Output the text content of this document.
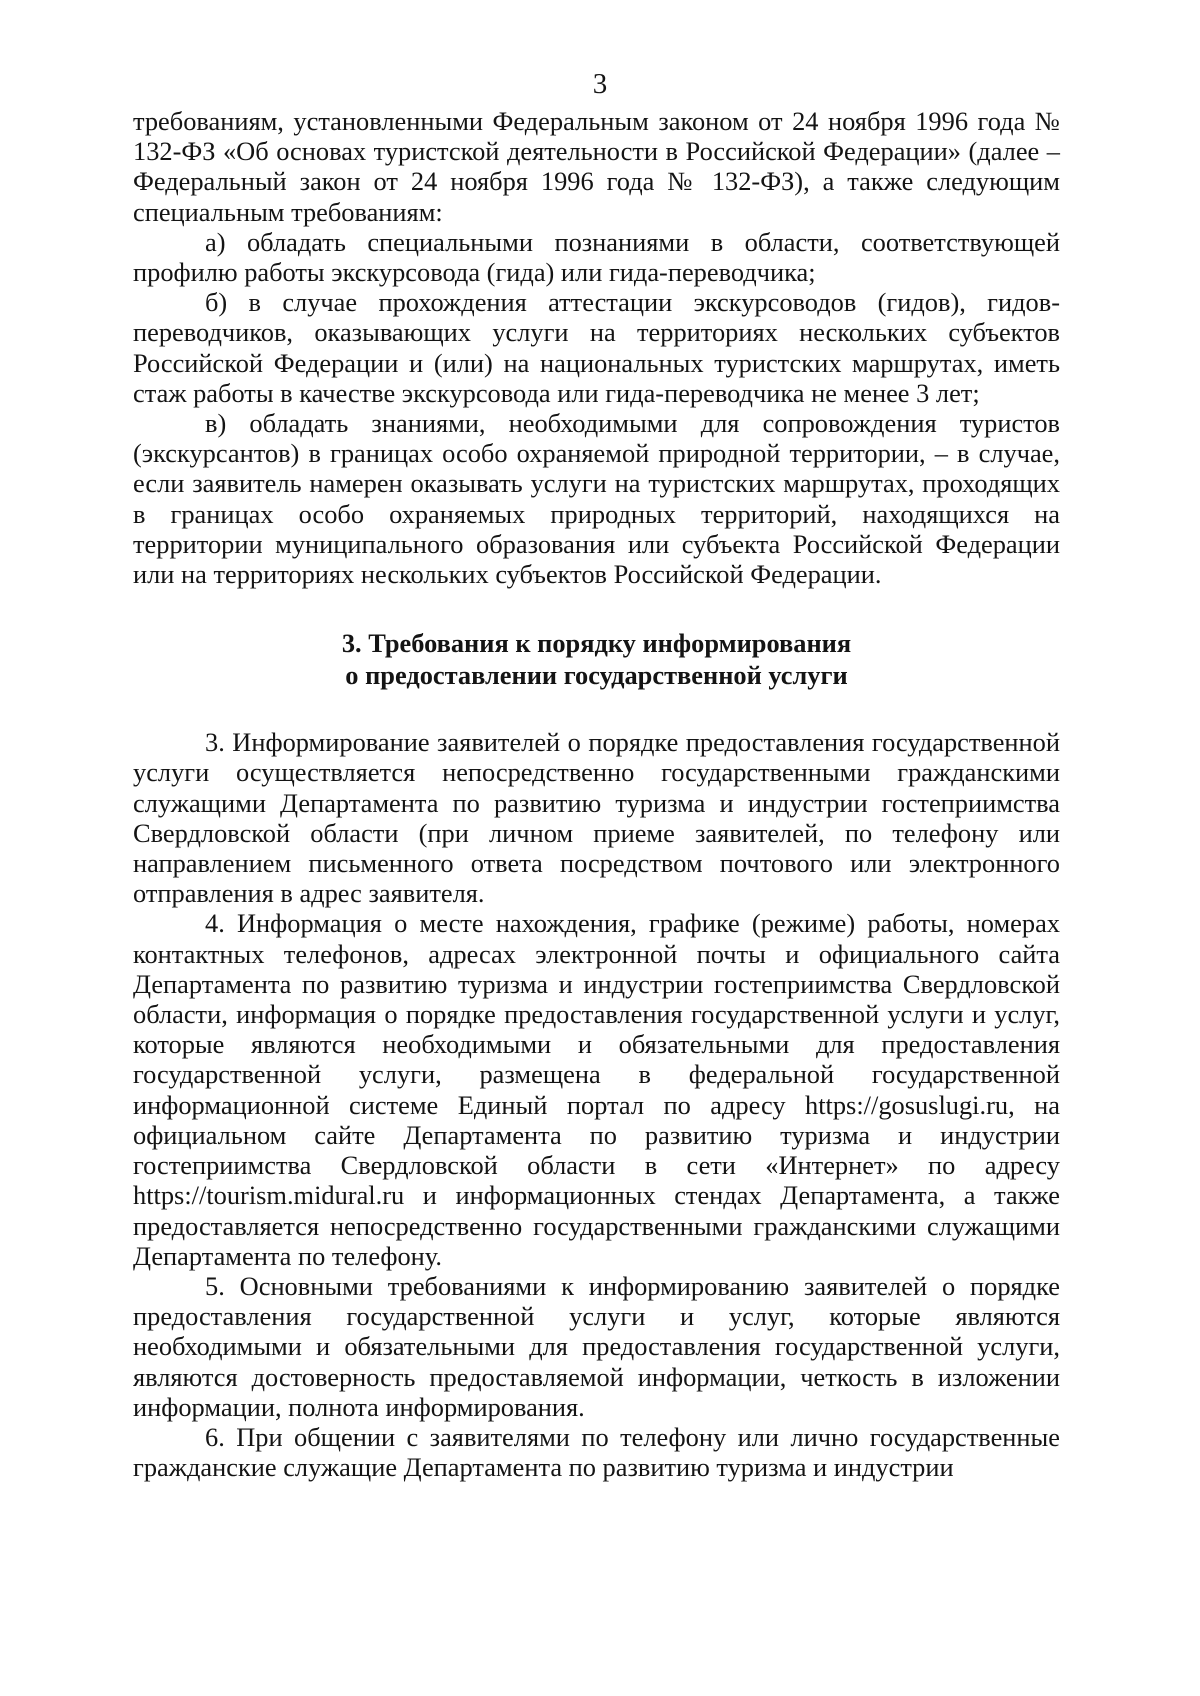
3

требованиям, установленными Федеральным законом от 24 ноября 1996 года № 132-ФЗ «Об основах туристской деятельности в Российской Федерации» (далее – Федеральный закон от 24 ноября 1996 года № 132-ФЗ), а также следующим специальным требованиям:

а) обладать специальными познаниями в области, соответствующей профилю работы экскурсовода (гида) или гида-переводчика;

б) в случае прохождения аттестации экскурсоводов (гидов), гидов-переводчиков, оказывающих услуги на территориях нескольких субъектов Российской Федерации и (или) на национальных туристских маршрутах, иметь стаж работы в качестве экскурсовода или гида-переводчика не менее 3 лет;

в) обладать знаниями, необходимыми для сопровождения туристов (экскурсантов) в границах особо охраняемой природной территории, – в случае, если заявитель намерен оказывать услуги на туристских маршрутах, проходящих в границах особо охраняемых природных территорий, находящихся на территории муниципального образования или субъекта Российской Федерации или на территориях нескольких субъектов Российской Федерации.

3. Требования к порядку информирования
о предоставлении государственной услуги

3. Информирование заявителей о порядке предоставления государственной услуги осуществляется непосредственно государственными гражданскими служащими Департамента по развитию туризма и индустрии гостеприимства Свердловской области (при личном приеме заявителей, по телефону или направлением письменного ответа посредством почтового или электронного отправления в адрес заявителя.

4. Информация о месте нахождения, графике (режиме) работы, номерах контактных телефонов, адресах электронной почты и официального сайта Департамента по развитию туризма и индустрии гостеприимства Свердловской области, информация о порядке предоставления государственной услуги и услуг, которые являются необходимыми и обязательными для предоставления государственной услуги, размещена в федеральной государственной информационной системе Единый портал по адресу https://gosuslugi.ru, на официальном сайте Департамента по развитию туризма и индустрии гостеприимства Свердловской области в сети «Интернет» по адресу https://tourism.midural.ru и информационных стендах Департамента, а также предоставляется непосредственно государственными гражданскими служащими Департамента по телефону.

5. Основными требованиями к информированию заявителей о порядке предоставления государственной услуги и услуг, которые являются необходимыми и обязательными для предоставления государственной услуги, являются достоверность предоставляемой информации, четкость в изложении информации, полнота информирования.

6. При общении с заявителями по телефону или лично государственные гражданские служащие Департамента по развитию туризма и индустрии
